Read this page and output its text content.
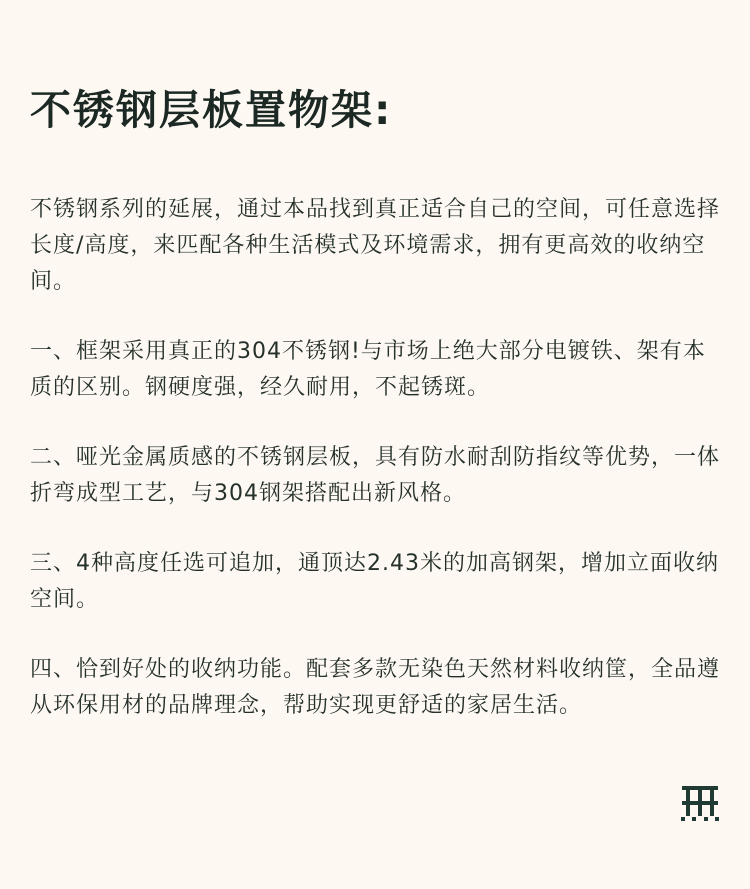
不锈钢层板置物架:

不锈钢系列的延展，通过本品找到真正适合自己的空间，可任意选择长度/高度，来匹配各种生活模式及环境需求，拥有更高效的收纳空间。

一、框架采用真正的304不锈钢!与市场上绝大部分电镀铁、架有本质的区别。钢硬度强，经久耐用，不起锈斑。

二、哑光金属质感的不锈钢层板，具有防水耐刮防指纹等优势，一体折弯成型工艺，与304钢架搭配出新风格。

三、4种高度任选可追加，通顶达2.43米的加高钢架，增加立面收纳空间。

四、恰到好处的收纳功能。配套多款无染色天然材料收纳筐，全品遵从环保用材的品牌理念，帮助实现更舒适的家居生活。
